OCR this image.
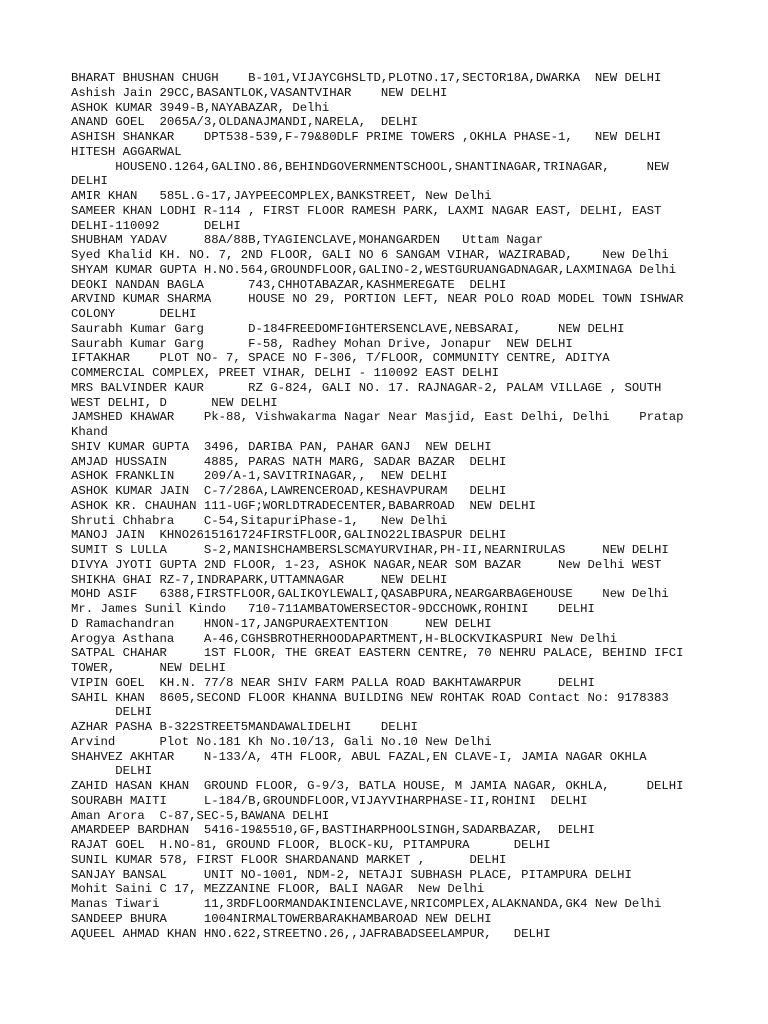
BHARAT BHUSHAN CHUGH    B-101,VIJAYCGHSLTD,PLOTNO.17,SECTOR18A,DWARKA  NEW DELHI
Ashish Jain 29CC,BASANTLOK,VASANTVIHAR    NEW DELHI
ASHOK KUMAR 3949-B,NAYABAZAR, Delhi
ANAND GOEL  2065A/3,OLDANAJMANDI,NARELA,  DELHI
ASHISH SHANKAR    DPT538-539,F-79&80DLF PRIME TOWERS ,OKHLA PHASE-1,   NEW DELHI
HITESH AGGARWAL
HOUSENO.1264,GALINO.86,BEHINDGOVERNMENTSCHOOL,SHANTINAGAR,TRINAGAR,     NEW
DELHI
AMIR KHAN   585L.G-17,JAYPEECOMPLEX,BANKSTREET, New Delhi
SAMEER KHAN LODHI R-114 , FIRST FLOOR RAMESH PARK, LAXMI NAGAR EAST, DELHI, EAST
DELHI-110092      DELHI
SHUBHAM YADAV     88A/88B,TYAGIENCLAVE,MOHANGARDEN   Uttam Nagar
Syed Khalid KH. NO. 7, 2ND FLOOR, GALI NO 6 SANGAM VIHAR, WAZIRABAD,    New Delhi
SHYAM KUMAR GUPTA H.NO.564,GROUNDFLOOR,GALINO-2,WESTGURUANGADNAGAR,LAXMINAGA Delhi
DEOKI NANDAN BAGLA      743,CHHOTABAZAR,KASHMEREGATE  DELHI
ARVIND KUMAR SHARMA     HOUSE NO 29, PORTION LEFT, NEAR POLO ROAD MODEL TOWN ISHWAR
COLONY      DELHI
Saurabh Kumar Garg      D-184FREEDOMFIGHTERSENCLAVE,NEBSARAI,     NEW DELHI
Saurabh Kumar Garg      F-58, Radhey Mohan Drive, Jonapur  NEW DELHI
IFTAKHAR    PLOT NO- 7, SPACE NO F-306, T/FLOOR, COMMUNITY CENTRE, ADITYA
COMMERCIAL COMPLEX, PREET VIHAR, DELHI - 110092 EAST DELHI
MRS BALVINDER KAUR      RZ G-824, GALI NO. 17. RAJNAGAR-2, PALAM VILLAGE , SOUTH
WEST DELHI, D      NEW DELHI
JAMSHED KHAWAR    Pk-88, Vishwakarma Nagar Near Masjid, East Delhi, Delhi    Pratap
Khand
SHIV KUMAR GUPTA  3496, DARIBA PAN, PAHAR GANJ  NEW DELHI
AMJAD HUSSAIN     4885, PARAS NATH MARG, SADAR BAZAR  DELHI
ASHOK FRANKLIN    209/A-1,SAVITRINAGAR,,  NEW DELHI
ASHOK KUMAR JAIN  C-7/286A,LAWRENCEROAD,KESHAVPURAM   DELHI
ASHOK KR. CHAUHAN 111-UGF;WORLDTRADECENTER,BABARROAD  NEW DELHI
Shruti Chhabra    C-54,SitapuriPhase-1,   New Delhi
MANOJ JAIN  KHNO2615161724FIRSTFLOOR,GALINO22LIBASPUR DELHI
SUMIT S LULLA     S-2,MANISHCHAMBERSLSCMAYURVIHAR,PH-II,NEARNIRULAS     NEW DELHI
DIVYA JYOTI GUPTA 2ND FLOOR, 1-23, ASHOK NAGAR,NEAR SOM BAZAR     New Delhi WEST
SHIKHA GHAI RZ-7,INDRAPARK,UTTAMNAGAR     NEW DELHI
MOHD ASIF   6388,FIRSTFLOOR,GALIKOYLEWALI,QASABPURA,NEARGARBAGEHOUSE    New Delhi
Mr. James Sunil Kindo   710-711AMBATOWERSECTOR-9DCCHOWK,ROHINI    DELHI
D Ramachandran    HNON-17,JANGPURAEXTENTION     NEW DELHI
Arogya Asthana    A-46,CGHSBROTHERHOODAPARTMENT,H-BLOCKVIKASPURI New Delhi
SATPAL CHAHAR     1ST FLOOR, THE GREAT EASTERN CENTRE, 70 NEHRU PALACE, BEHIND IFCI
TOWER,      NEW DELHI
VIPIN GOEL  KH.N. 77/8 NEAR SHIV FARM PALLA ROAD BAKHTAWARPUR     DELHI
SAHIL KHAN  8605,SECOND FLOOR KHANNA BUILDING NEW ROHTAK ROAD Contact No: 9178383
DELHI
AZHAR PASHA B-322STREET5MANDAWALIDELHI    DELHI
Arvind      Plot No.181 Kh No.10/13, Gali No.10 New Delhi
SHAHVEZ AKHTAR    N-133/A, 4TH FLOOR, ABUL FAZAL,EN CLAVE-I, JAMIA NAGAR OKHLA
DELHI
ZAHID HASAN KHAN  GROUND FLOOR, G-9/3, BATLA HOUSE, M JAMIA NAGAR, OKHLA,     DELHI
SOURABH MAITI     L-184/B,GROUNDFLOOR,VIJAYVIHARPHASE-II,ROHINI  DELHI
Aman Arora  C-87,SEC-5,BAWANA DELHI
AMARDEEP BARDHAN  5416-19&5510,GF,BASTIHARPHOOLSINGH,SADARBAZAR,  DELHI
RAJAT GOEL  H.NO-81, GROUND FLOOR, BLOCK-KU, PITAMPURA      DELHI
SUNIL KUMAR 578, FIRST FLOOR SHARDANAND MARKET ,      DELHI
SANJAY BANSAL     UNIT NO-1001, NDM-2, NETAJI SUBHASH PLACE, PITAMPURA DELHI
Mohit Saini C 17, MEZZANINE FLOOR, BALI NAGAR  New Delhi
Manas Tiwari      11,3RDFLOORMANDAKINIENCLAVE,NRICOMPLEX,ALAKNANDA,GK4 New Delhi
SANDEEP BHURA     1004NIRMALTOWERBARAKHAMBAROAD NEW DELHI
AQUEEL AHMAD KHAN HNO.622,STREETNO.26,,JAFRABADSEELAMPUR,   DELHI
